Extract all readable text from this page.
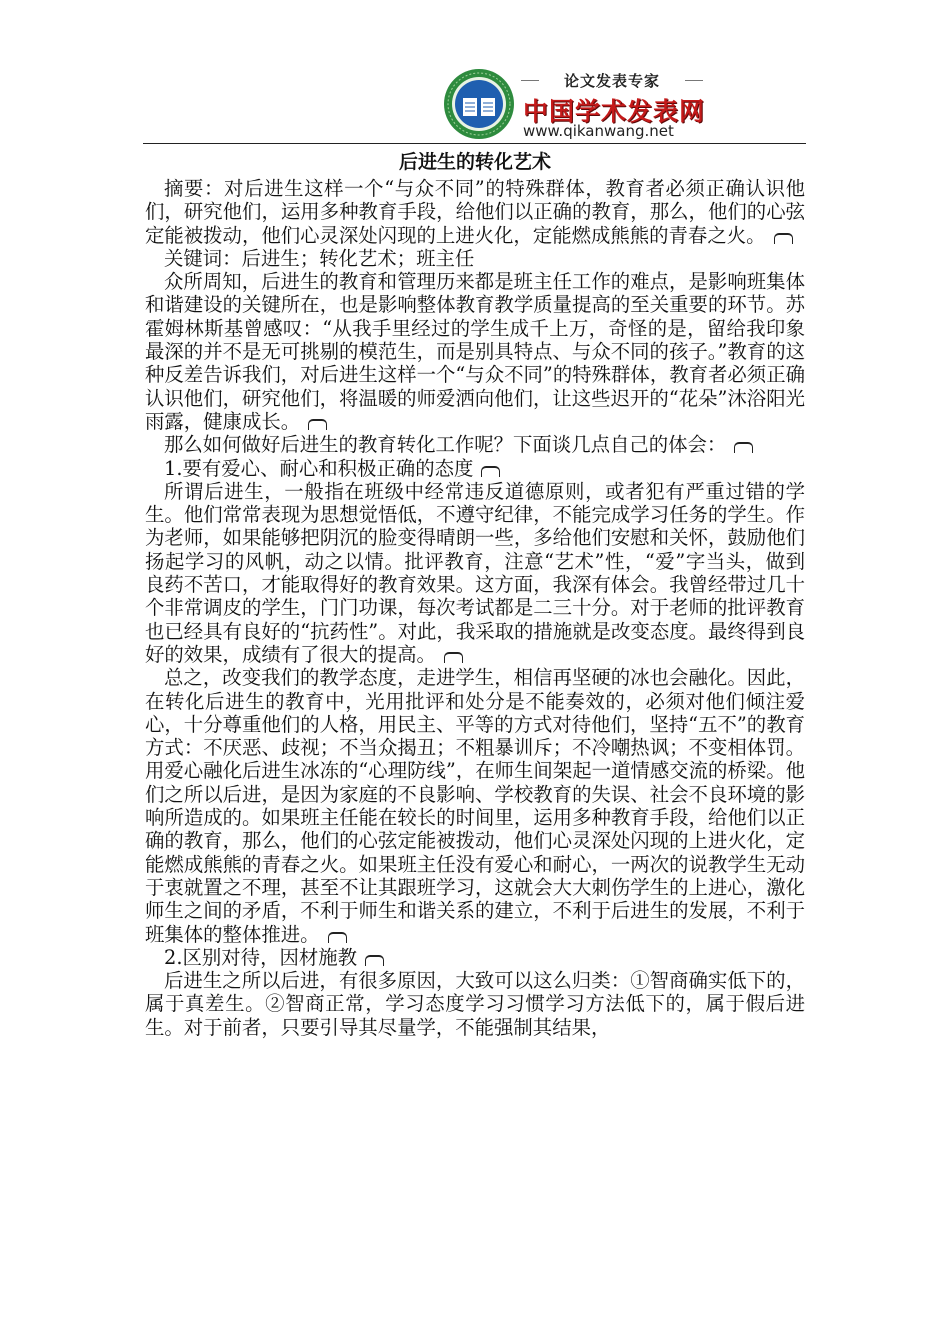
论文发表专家
中国学术发表网
www.qikanwang.net
后进生的转化艺术

摘要：对后进生这样一个“与众不同”的特殊群体，教育者必须正确认识他们，研究他们，运用多种教育手段，给他们以正确的教育，那么，他们的心弦定能被拨动，他们心灵深处闪现的上进火化，定能燃成熊熊的青春之火。

关键词：后进生；转化艺术；班主任

众所周知，后进生的教育和管理历来都是班主任工作的难点，是影响班集体和谐建设的关键所在，也是影响整体教育教学质量提高的至关重要的环节。苏霍姆林斯基曾感叹：“从我手里经过的学生成千上万，奇怪的是，留给我印象最深的并不是无可挑剔的模范生，而是别具特点、与众不同的孩子。”教育的这种反差告诉我们，对后进生这样一个“与众不同”的特殊群体，教育者必须正确认识他们，研究他们，将温暖的师爱洒向他们，让这些迟开的“花朵”沐浴阳光雨露，健康成长。

那么如何做好后进生的教育转化工作呢？下面谈几点自己的体会：

1.要有爱心、耐心和积极正确的态度

所谓后进生，一般指在班级中经常违反道德原则，或者犯有严重过错的学生。他们常常表现为思想觉悟低，不遵守纪律，不能完成学习任务的学生。作为老师，如果能够把阴沉的脸变得晴朗一些，多给他们安慰和关怀，鼓励他们扬起学习的风帆，动之以情。批评教育，注意“艺术”性，“爱”字当头，做到良药不苦口，才能取得好的教育效果。这方面，我深有体会。我曾经带过几十个非常调皮的学生，门门功课，每次考试都是二三十分。对于老师的批评教育也已经具有良好的“抗药性”。对此，我采取的措施就是改变态度。最终得到良好的效果，成绩有了很大的提高。

总之，改变我们的教学态度，走进学生，相信再坚硬的冰也会融化。因此，在转化后进生的教育中，光用批评和处分是不能奏效的，必须对他们倾注爱心，十分尊重他们的人格，用民主、平等的方式对待他们，坚持“五不”的教育方式：不厌恶、歧视；不当众揭丑；不粗暴训斥；不冷嘲热讽；不变相体罚。用爱心融化后进生冰冻的“心理防线”，在师生间架起一道情感交流的桥梁。他们之所以后进，是因为家庭的不良影响、学校教育的失误、社会不良环境的影响所造成的。如果班主任能在较长的时间里，运用多种教育手段，给他们以正确的教育，那么，他们的心弦定能被拨动，他们心灵深处闪现的上进火化，定能燃成熊熊的青春之火。如果班主任没有爱心和耐心，一两次的说教学生无动于衷就置之不理，甚至不让其跟班学习，这就会大大刺伤学生的上进心，激化师生之间的矛盾，不利于师生和谐关系的建立，不利于后进生的发展，不利于班集体的整体推进。

2.区别对待，因材施教

后进生之所以后进，有很多原因，大致可以这么归类：①智商确实低下的，属于真差生。②智商正常，学习态度学习习惯学习方法低下的，属于假后进生。对于前者，只要引导其尽量学，不能强制其结果，
